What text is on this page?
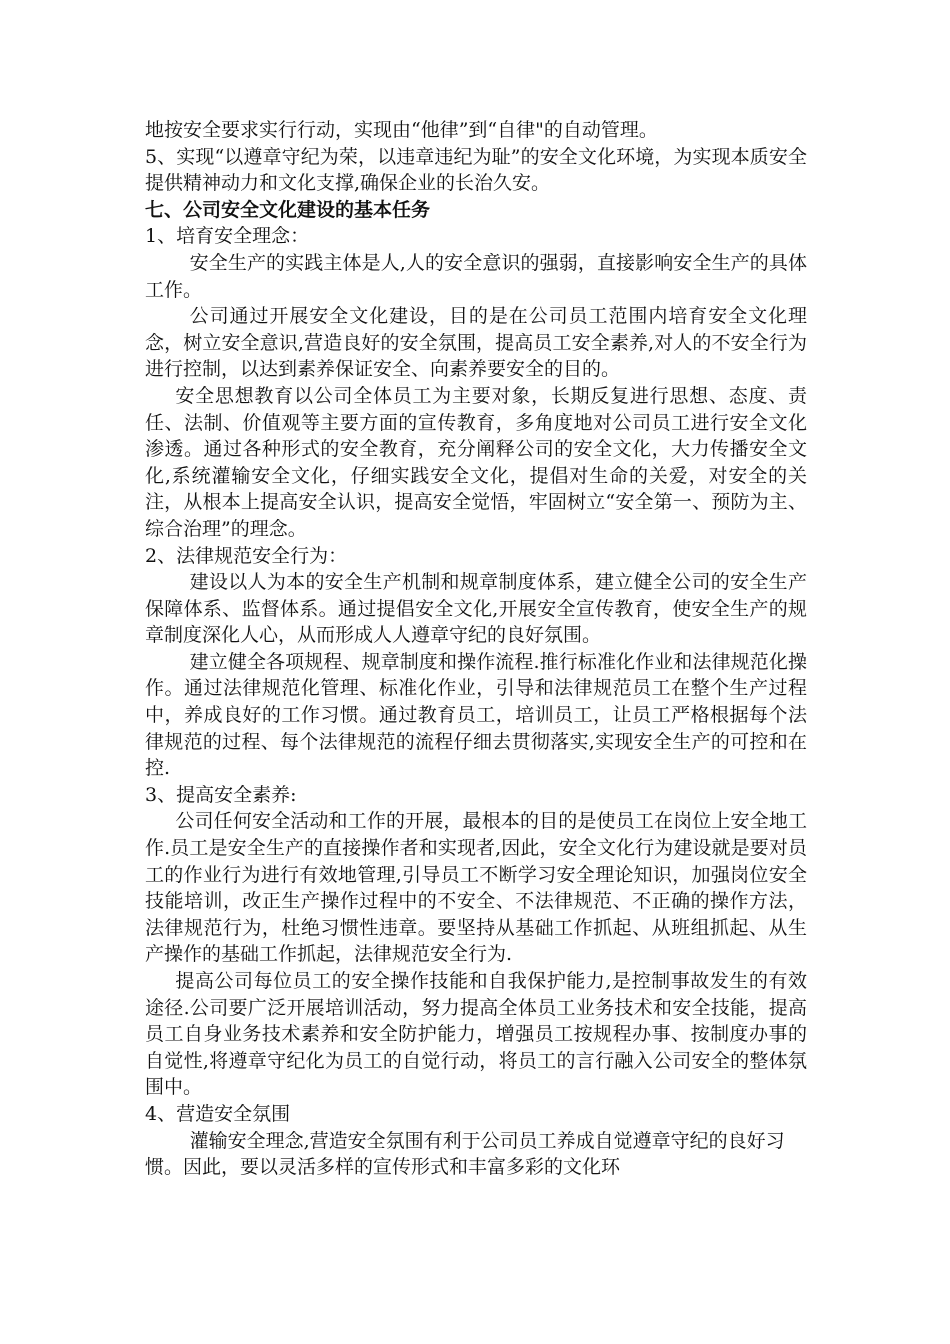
地按安全要求实行行动，实现由“他律”到“自律"的自动管理。

5、实现“以遵章守纪为荣，以违章违纪为耻”的安全文化环境，为实现本质安全提供精神动力和文化支撑,确保企业的长治久安。

七、公司安全文化建设的基本任务

1、培育安全理念：

安全生产的实践主体是人,人的安全意识的强弱，直接影响安全生产的具体工作。

公司通过开展安全文化建设，目的是在公司员工范围内培育安全文化理念，树立安全意识,营造良好的安全氛围，提高员工安全素养,对人的不安全行为进行控制，以达到素养保证安全、向素养要安全的目的。

安全思想教育以公司全体员工为主要对象，长期反复进行思想、态度、责任、法制、价值观等主要方面的宣传教育，多角度地对公司员工进行安全文化渗透。通过各种形式的安全教育，充分阐释公司的安全文化，大力传播安全文化,系统灌输安全文化，仔细实践安全文化，提倡对生命的关爱，对安全的关注，从根本上提高安全认识，提高安全觉悟，牢固树立“安全第一、预防为主、综合治理”的理念。

2、法律规范安全行为：

建设以人为本的安全生产机制和规章制度体系，建立健全公司的安全生产保障体系、监督体系。通过提倡安全文化,开展安全宣传教育，使安全生产的规章制度深化人心，从而形成人人遵章守纪的良好氛围。

建立健全各项规程、规章制度和操作流程.推行标准化作业和法律规范化操作。通过法律规范化管理、标准化作业，引导和法律规范员工在整个生产过程中，养成良好的工作习惯。通过教育员工，培训员工，让员工严格根据每个法律规范的过程、每个法律规范的流程仔细去贯彻落实,实现安全生产的可控和在控.

3、提高安全素养:

公司任何安全活动和工作的开展，最根本的目的是使员工在岗位上安全地工作.员工是安全生产的直接操作者和实现者,因此，安全文化行为建设就是要对员工的作业行为进行有效地管理,引导员工不断学习安全理论知识，加强岗位安全技能培训，改正生产操作过程中的不安全、不法律规范、不正确的操作方法，法律规范行为，杜绝习惯性违章。要坚持从基础工作抓起、从班组抓起、从生产操作的基础工作抓起，法律规范安全行为.

提高公司每位员工的安全操作技能和自我保护能力,是控制事故发生的有效途径.公司要广泛开展培训活动，努力提高全体员工业务技术和安全技能，提高员工自身业务技术素养和安全防护能力，增强员工按规程办事、按制度办事的自觉性,将遵章守纪化为员工的自觉行动，将员工的言行融入公司安全的整体氛围中。

4、营造安全氛围

灌输安全理念,营造安全氛围有利于公司员工养成自觉遵章守纪的良好习惯。因此，要以灵活多样的宣传形式和丰富多彩的文化环
